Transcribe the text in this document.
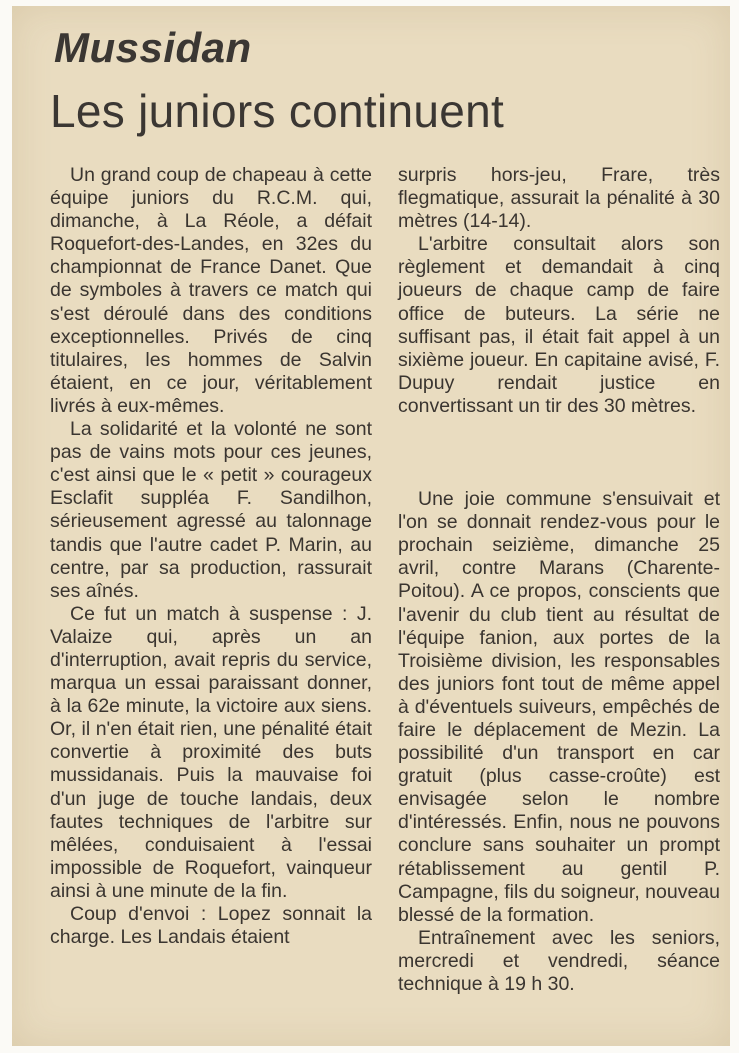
Mussidan
Les juniors continuent

Un grand coup de chapeau à cette équipe juniors du R.C.M. qui, dimanche, à La Réole, a défait Roquefort-des-Landes, en 32es du championnat de France Danet. Que de symboles à travers ce match qui s'est déroulé dans des conditions exceptionnelles. Privés de cinq titulaires, les hommes de Salvin étaient, en ce jour, véritablement livrés à eux-mêmes.

La solidarité et la volonté ne sont pas de vains mots pour ces jeunes, c'est ainsi que le « petit » courageux Esclafit suppléa F. Sandilhon, sérieusement agressé au talonnage tandis que l'autre cadet P. Marin, au centre, par sa production, rassurait ses aînés.

Ce fut un match à suspense : J. Valaize qui, après un an d'interruption, avait repris du service, marqua un essai paraissant donner, à la 62e minute, la victoire aux siens. Or, il n'en était rien, une pénalité était convertie à proximité des buts mussidanais. Puis la mauvaise foi d'un juge de touche landais, deux fautes techniques de l'arbitre sur mêlées, conduisaient à l'essai impossible de Roquefort, vainqueur ainsi à une minute de la fin.

Coup d'envoi : Lopez sonnait la charge. Les Landais étaient

surpris hors-jeu, Frare, très flegmatique, assurait la pénalité à 30 mètres (14-14).

L'arbitre consultait alors son règlement et demandait à cinq joueurs de chaque camp de faire office de buteurs. La série ne suffisant pas, il était fait appel à un sixième joueur. En capitaine avisé, F. Dupuy rendait justice en convertissant un tir des 30 mètres.

Une joie commune s'ensuivait et l'on se donnait rendez-vous pour le prochain seizième, dimanche 25 avril, contre Marans (Charente-Poitou). A ce propos, conscients que l'avenir du club tient au résultat de l'équipe fanion, aux portes de la Troisième division, les responsables des juniors font tout de même appel à d'éventuels suiveurs, empêchés de faire le déplacement de Mezin. La possibilité d'un transport en car gratuit (plus casse-croûte) est envisagée selon le nombre d'intéressés. Enfin, nous ne pouvons conclure sans souhaiter un prompt rétablissement au gentil P. Campagne, fils du soigneur, nouveau blessé de la formation.

Entraînement avec les seniors, mercredi et vendredi, séance technique à 19 h 30.
